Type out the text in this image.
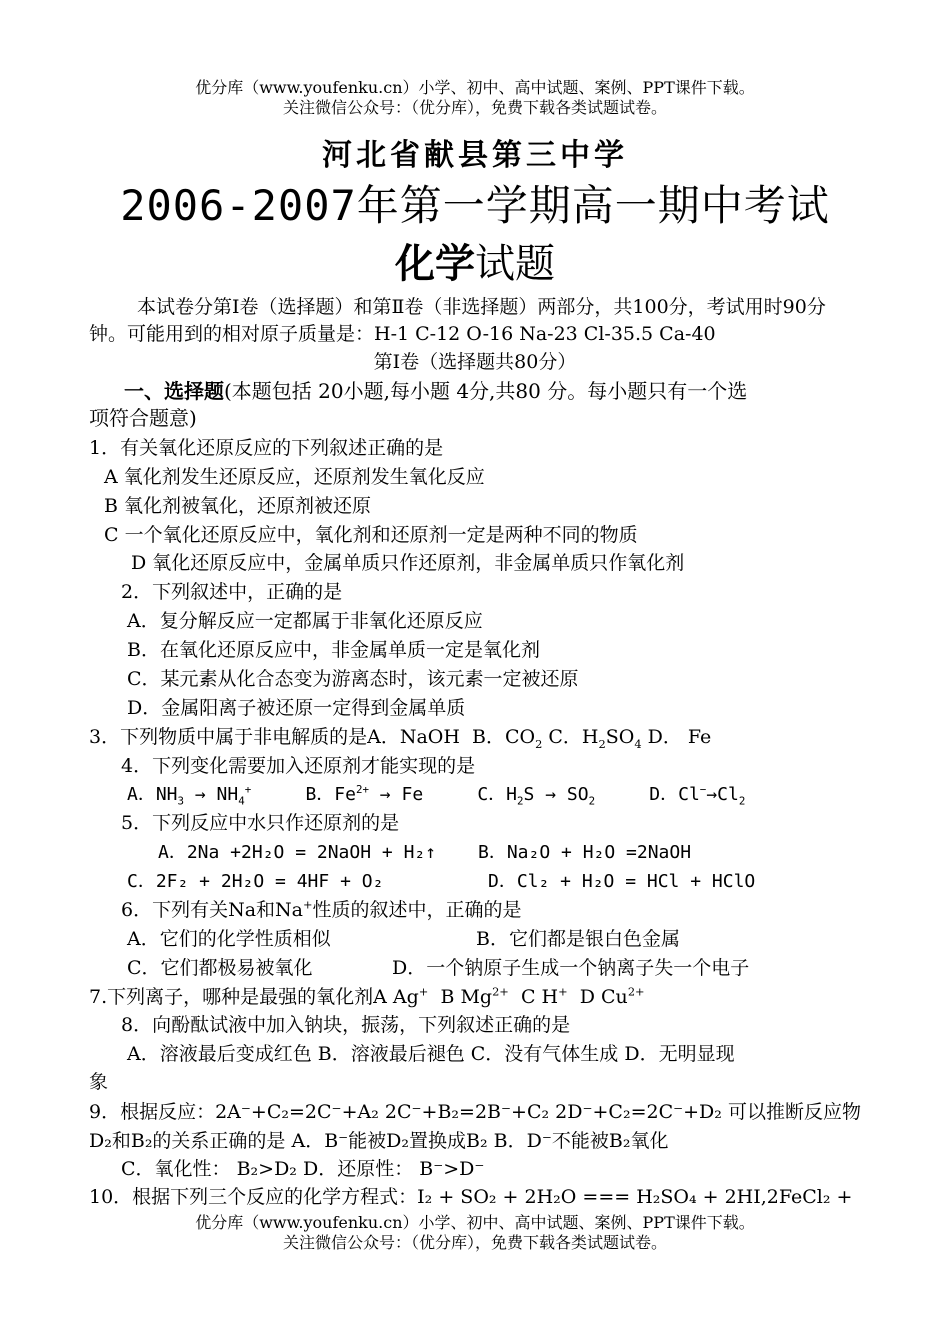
优分库（www.youfenku.cn）小学、初中、高中试题、案例、PPT课件下载。
关注微信公众号：（优分库），免费下载各类试题试卷。
河北省献县第三中学
2006-2007年第一学期高一期中考试
化学试题
本试卷分第Ⅰ卷（选择题）和第Ⅱ卷（非选择题）两部分，共100分，考试用时90分
钟。可能用到的相对原子质量是：H-1 C-12 O-16 Na-23 Cl-35.5 Ca-40
第Ⅰ卷（选择题共80分）
一、选择题(本题包括 20小题,每小题 4分,共80 分。每小题只有一个选
项符合题意)
1．有关氧化还原反应的下列叙述正确的是
A 氧化剂发生还原反应，还原剂发生氧化反应
B 氧化剂被氧化，还原剂被还原
C 一个氧化还原反应中，氧化剂和还原剂一定是两种不同的物质
D 氧化还原反应中，金属单质只作还原剂，非金属单质只作氧化剂
2．下列叙述中，正确的是
A．复分解反应一定都属于非氧化还原反应
B．在氧化还原反应中，非金属单质一定是氧化剂
C．某元素从化合态变为游离态时，该元素一定被还原
D．金属阳离子被还原一定得到金属单质
3．下列物质中属于非电解质的是A．NaOH B．$CO_2$ C．$H_2SO_4$ D． Fe
4．下列变化需要加入还原剂才能实现的是
A．$NH_3 \to NH_4^+$	B．$Fe^{2+} \to Fe$	C．$H_2S \to SO_2$	D．$Cl^-\to Cl_2$
5．下列反应中水只作还原剂的是
A．2Na +2H₂O = 2NaOH + H₂↑ B．Na₂O + H₂O =2NaOH
C．2F₂ + 2H₂O = 4HF + O₂	D．Cl₂ + H₂O = HCl + HClO
6．下列有关Na和Na+性质的叙述中，正确的是
A．它们的化学性质相似	B．它们都是银白色金属
C．它们都极易被氧化	D．一个钠原子生成一个钠离子失一个电子
7.下列离子，哪种是最强的氧化剂A Ag+ B $Mg^{2+}$ C H+ D $Cu^{2+}$
8．向酚酞试液中加入钠块，振荡，下列叙述正确的是
A．溶液最后变成红色 B．溶液最后褪色 C．没有气体生成 D．无明显现
象
9．根据反应：2A⁻+C₂=2C⁻+A₂ 2C⁻+B₂=2B⁻+C₂ 2D⁻+C₂=2C⁻+D₂ 可以推断反应物
D₂和B₂的关系正确的是 A．B⁻能被D₂置换成B₂ B．D⁻不能被B₂氧化
C．氧化性： B₂>D₂ D．还原性： B⁻>D⁻
10．根据下列三个反应的化学方程式：I₂ + SO₂ + 2H₂O === H₂SO₄ + 2HI,2FeCl₂ +
优分库（www.youfenku.cn）小学、初中、高中试题、案例、PPT课件下载。
关注微信公众号：（优分库），免费下载各类试题试卷。
